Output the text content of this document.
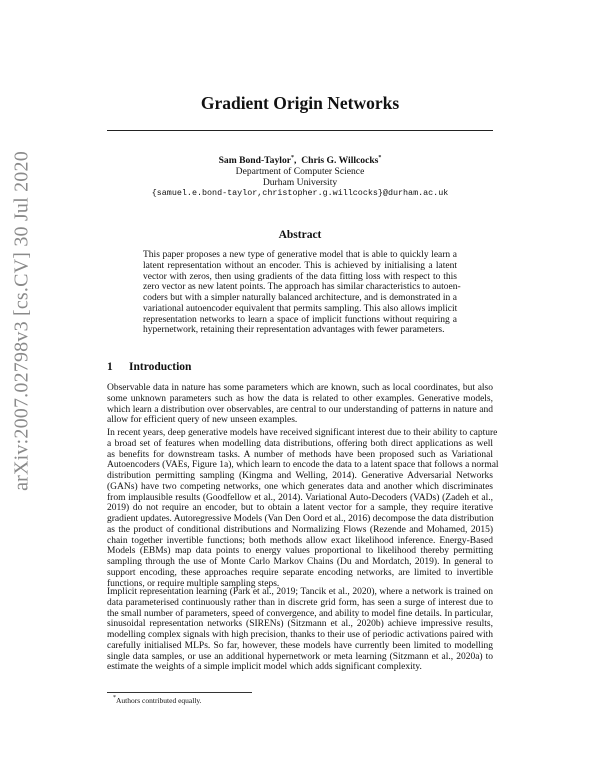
arXiv:2007.02798v3 [cs.CV] 30 Jul 2020
Gradient Origin Networks
Sam Bond-Taylor*,  Chris G. Willcocks*
Department of Computer Science
Durham University
{samuel.e.bond-taylor,christopher.g.willcocks}@durham.ac.uk
Abstract
This paper proposes a new type of generative model that is able to quickly learn a
latent representation without an encoder. This is achieved by initialising a latent
vector with zeros, then using gradients of the data fitting loss with respect to this
zero vector as new latent points. The approach has similar characteristics to autoen-
coders but with a simpler naturally balanced architecture, and is demonstrated in a
variational autoencoder equivalent that permits sampling. This also allows implicit
representation networks to learn a space of implicit functions without requiring a
hypernetwork, retaining their representation advantages with fewer parameters.
1 Introduction
Observable data in nature has some parameters which are known, such as local coordinates, but also
some unknown parameters such as how the data is related to other examples. Generative models,
which learn a distribution over observables, are central to our understanding of patterns in nature and
allow for efficient query of new unseen examples.
In recent years, deep generative models have received significant interest due to their ability to capture
a broad set of features when modelling data distributions, offering both direct applications as well
as benefits for downstream tasks. A number of methods have been proposed such as Variational
Autoencoders (VAEs, Figure 1a), which learn to encode the data to a latent space that follows a normal
distribution permitting sampling (Kingma and Welling, 2014). Generative Adversarial Networks
(GANs) have two competing networks, one which generates data and another which discriminates
from implausible results (Goodfellow et al., 2014). Variational Auto-Decoders (VADs) (Zadeh et al.,
2019) do not require an encoder, but to obtain a latent vector for a sample, they require iterative
gradient updates. Autoregressive Models (Van Den Oord et al., 2016) decompose the data distribution
as the product of conditional distributions and Normalizing Flows (Rezende and Mohamed, 2015)
chain together invertible functions; both methods allow exact likelihood inference. Energy-Based
Models (EBMs) map data points to energy values proportional to likelihood thereby permitting
sampling through the use of Monte Carlo Markov Chains (Du and Mordatch, 2019). In general to
support encoding, these approaches require separate encoding networks, are limited to invertible
functions, or require multiple sampling steps.
Implicit representation learning (Park et al., 2019; Tancik et al., 2020), where a network is trained on
data parameterised continuously rather than in discrete grid form, has seen a surge of interest due to
the small number of parameters, speed of convergence, and ability to model fine details. In particular,
sinusoidal representation networks (SIRENs) (Sitzmann et al., 2020b) achieve impressive results,
modelling complex signals with high precision, thanks to their use of periodic activations paired with
carefully initialised MLPs. So far, however, these models have currently been limited to modelling
single data samples, or use an additional hypernetwork or meta learning (Sitzmann et al., 2020a) to
estimate the weights of a simple implicit model which adds significant complexity.
*Authors contributed equally.
